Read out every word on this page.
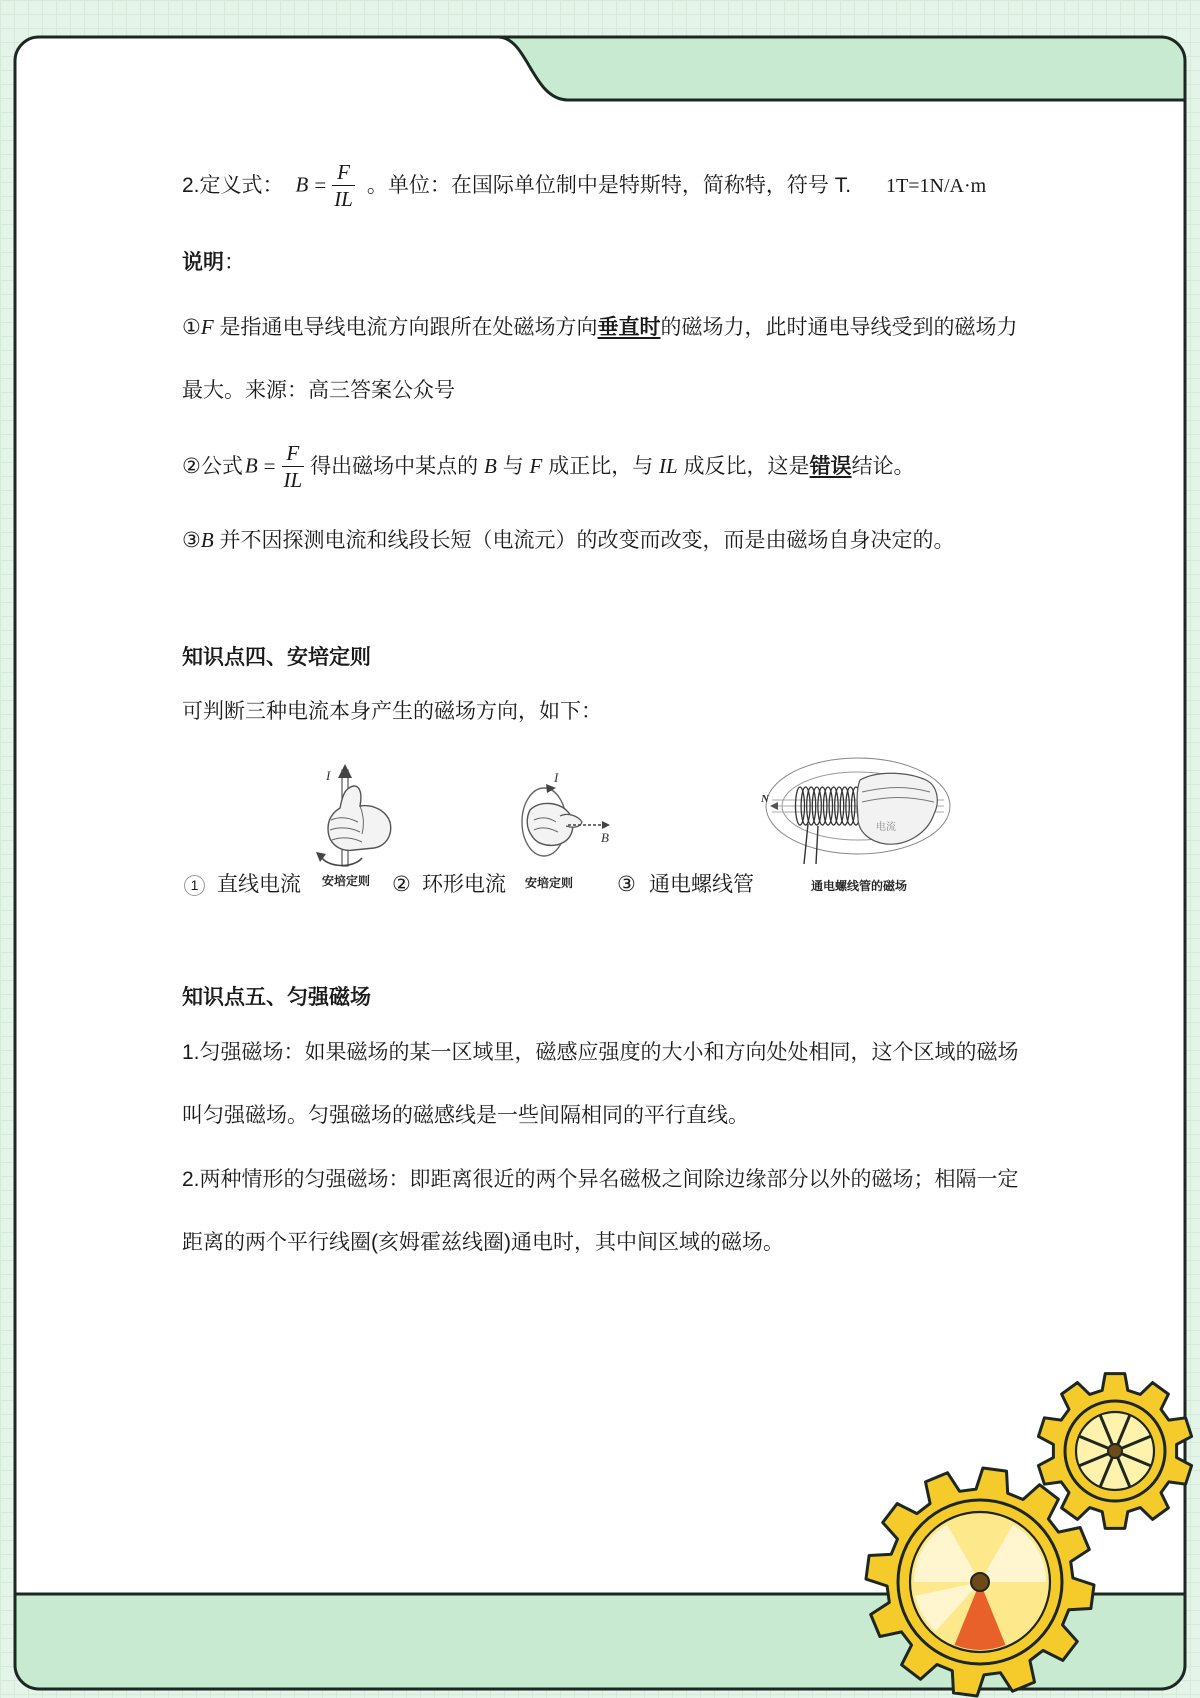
2.定义式： $B = \frac{F}{IL}$ 。单位：在国际单位制中是特斯特，简称特，符号 T. 1T=1N/A·m
说明：
①F 是指通电导线电流方向跟所在处磁场方向垂直时的磁场力，此时通电导线受到的磁场力
最大。来源：高三答案公众号
②公式$B = \frac{F}{IL}$ 得出磁场中某点的 B 与 F 成正比，与 IL 成反比，这是错误结论。
③B 并不因探测电流和线段长短（电流元）的改变而改变，而是由磁场自身决定的。
知识点四、安培定则
可判断三种电流本身产生的磁场方向，如下：
I
1 直线电流 安培定则
I
B
② 环形电流 安培定则
电流
N
③ 通电螺线管	通电螺线管的磁场
知识点五、匀强磁场
1.匀强磁场：如果磁场的某一区域里，磁感应强度的大小和方向处处相同，这个区域的磁场
叫匀强磁场。匀强磁场的磁感线是一些间隔相同的平行直线。
2.两种情形的匀强磁场：即距离很近的两个异名磁极之间除边缘部分以外的磁场；相隔一定
距离的两个平行线圈(亥姆霍兹线圈)通电时，其中间区域的磁场。
